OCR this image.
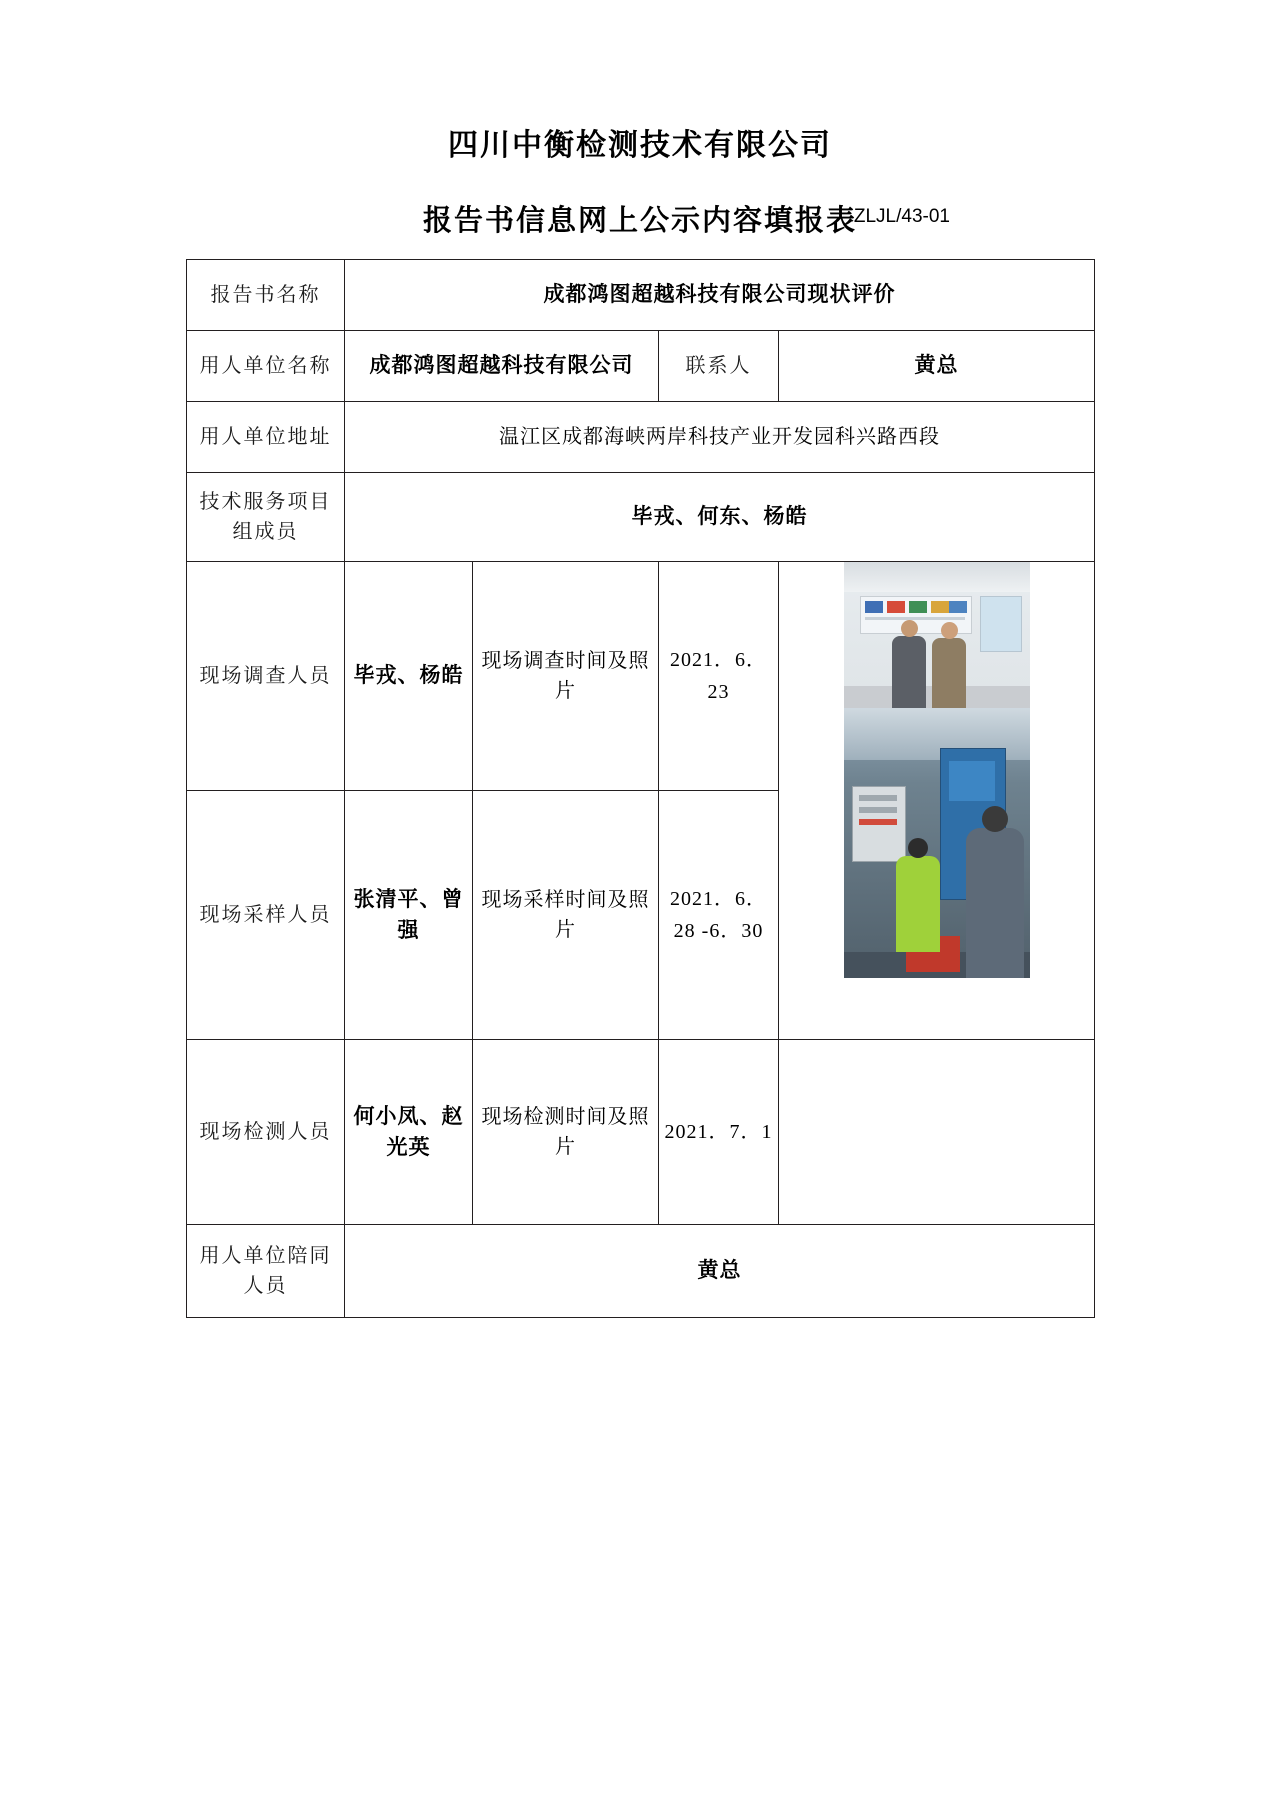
四川中衡检测技术有限公司
报告书信息网上公示内容填报表
ZLJL/43-01
报告书名称	成都鸿图超越科技有限公司现状评价			

用人单位名称	成都鸿图超越科技有限公司		联系人	黄总

用人单位地址	温江区成都海峡两岸科技产业开发园科兴路西段			

技术服务项目组成员	毕戎、何东、杨皓			

现场调查人员	毕戎、杨皓	现场调查时间及照片	2021．6．23	

现场采样人员	张清平、曾强	现场采样时间及照片	2021．6．28 -6．30	

现场检测人员	何小凤、赵光英	现场检测时间及照片	2021．7．1	

用人单位陪同人员	黄总			
